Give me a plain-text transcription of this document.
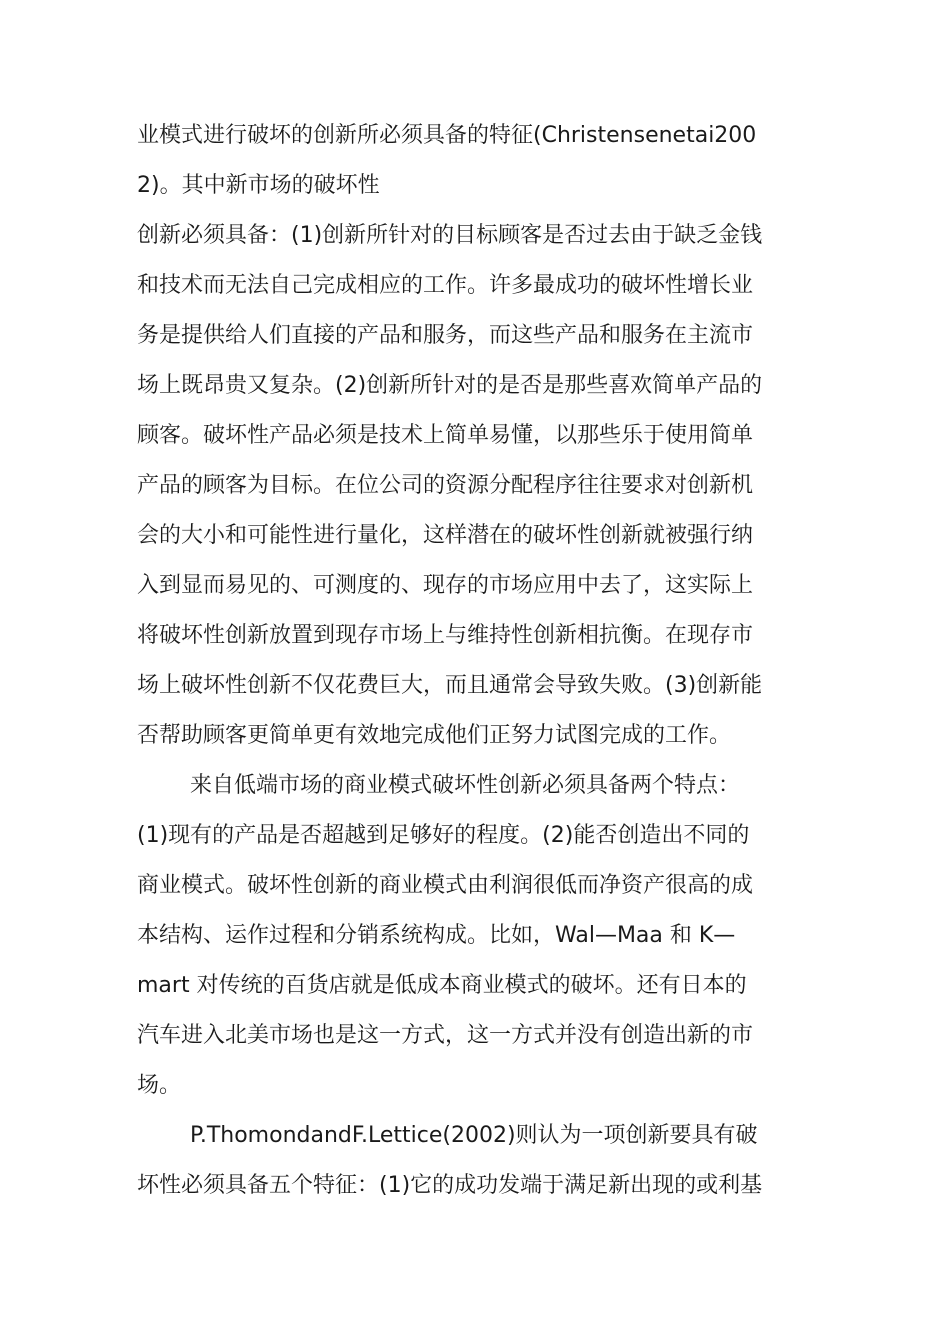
业模式进行破坏的创新所必须具备的特征(Christensenetai200

2)。其中新市场的破坏性

创新必须具备：(1)创新所针对的目标顾客是否过去由于缺乏金钱

和技术而无法自己完成相应的工作。许多最成功的破坏性增长业

务是提供给人们直接的产品和服务，而这些产品和服务在主流市

场上既昂贵又复杂。(2)创新所针对的是否是那些喜欢简单产品的

顾客。破坏性产品必须是技术上简单易懂，以那些乐于使用简单

产品的顾客为目标。在位公司的资源分配程序往往要求对创新机

会的大小和可能性进行量化，这样潜在的破坏性创新就被强行纳

入到显而易见的、可测度的、现存的市场应用中去了，这实际上

将破坏性创新放置到现存市场上与维持性创新相抗衡。在现存市

场上破坏性创新不仅花费巨大，而且通常会导致失败。(3)创新能

否帮助顾客更简单更有效地完成他们正努力试图完成的工作。

来自低端市场的商业模式破坏性创新必须具备两个特点：

(1)现有的产品是否超越到足够好的程度。(2)能否创造出不同的

商业模式。破坏性创新的商业模式由利润很低而净资产很高的成

本结构、运作过程和分销系统构成。比如，Wal—Maa 和 K—

mart 对传统的百货店就是低成本商业模式的破坏。还有日本的

汽车进入北美市场也是这一方式，这一方式并没有创造出新的市

场。

P.ThomondandF.Lettice(2002)则认为一项创新要具有破

坏性必须具备五个特征：(1)它的成功发端于满足新出现的或利基
